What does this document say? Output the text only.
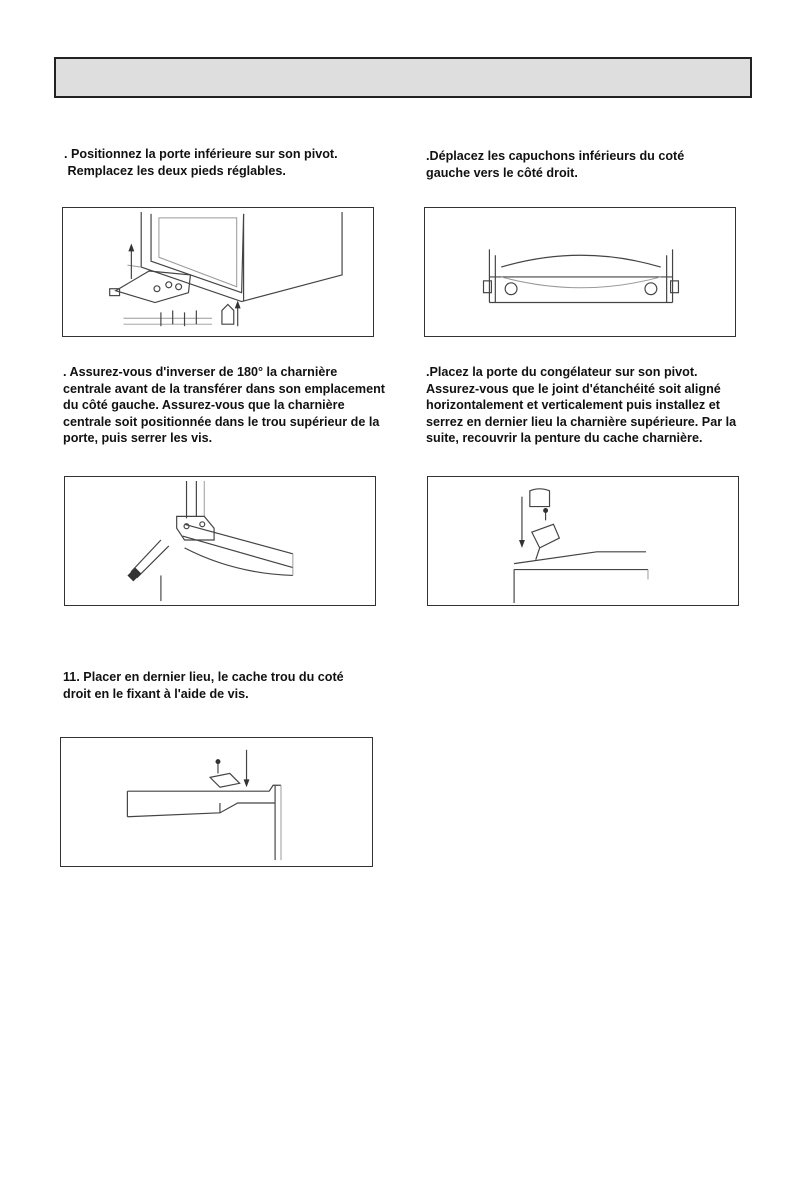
. Positionnez la porte inférieure sur son pivot.

Remplacez les deux pieds réglables.

.Déplacez les capuchons inférieurs du coté

gauche vers le côté droit.

. Assurez-vous d'inverser de 180° la charnière

centrale avant de la transférer dans son emplacement

du côté gauche. Assurez-vous que la charnière

centrale soit positionnée dans le trou supérieur de la

porte, puis serrer les vis.

.Placez la porte du congélateur sur son pivot.

Assurez-vous que le joint d'étanchéité soit aligné

horizontalement et verticalement puis installez et

serrez en dernier lieu la charnière supérieure. Par la

suite, recouvrir la penture du cache charnière.

11. Placer en dernier lieu, le cache trou du coté

droit en le fixant à l'aide de vis.
